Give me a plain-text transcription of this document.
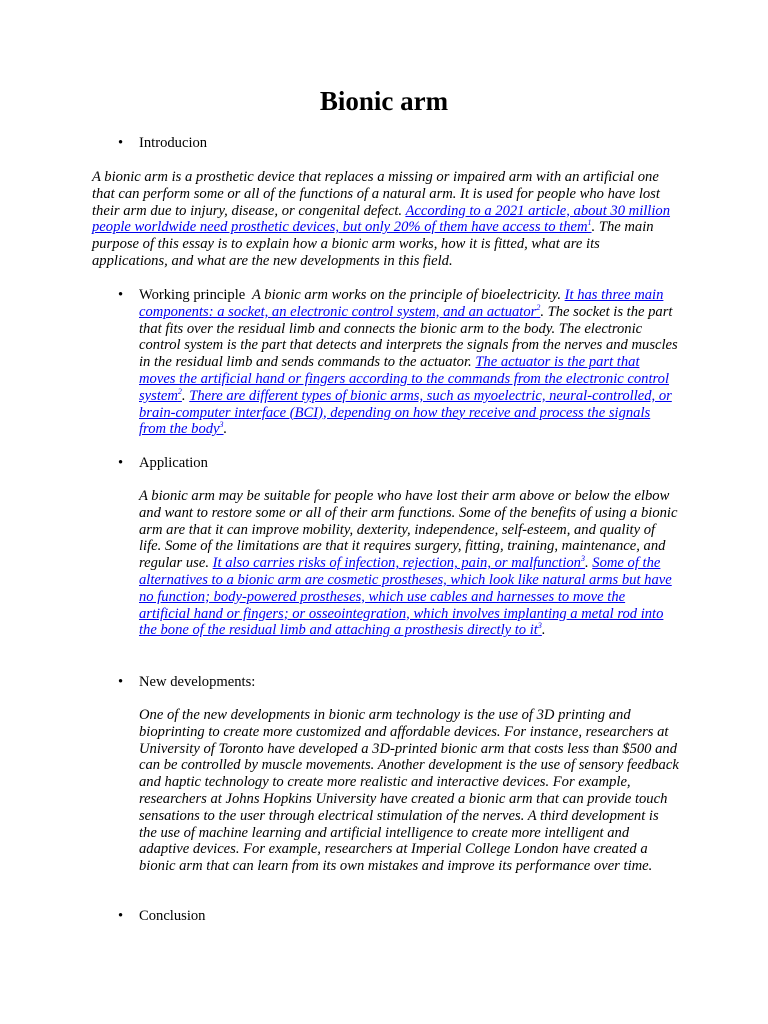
Bionic arm
• Introducion

A bionic arm is a prosthetic device that replaces a missing or impaired arm with an artificial one that can perform some or all of the functions of a natural arm. It is used for people who have lost their arm due to injury, disease, or congenital defect. According to a 2021 article, about 30 million people worldwide need prosthetic devices, but only 20% of them have access to them$^1$. The main purpose of this essay is to explain how a bionic arm works, how it is fitted, what are its applications, and what are the new developments in this field.

• Working principle A bionic arm works on the principle of bioelectricity. It has three main components: a socket, an electronic control system, and an actuator$^2$. The socket is the part that fits over the residual limb and connects the bionic arm to the body. The electronic control system is the part that detects and interprets the signals from the nerves and muscles in the residual limb and sends commands to the actuator. The actuator is the part that moves the artificial hand or fingers according to the commands from the electronic control system$^2$. There are different types of bionic arms, such as myoelectric, neural-controlled, or brain-computer interface (BCI), depending on how they receive and process the signals from the body$^3$.

• Application

A bionic arm may be suitable for people who have lost their arm above or below the elbow and want to restore some or all of their arm functions. Some of the benefits of using a bionic arm are that it can improve mobility, dexterity, independence, self-esteem, and quality of life. Some of the limitations are that it requires surgery, fitting, training, maintenance, and regular use. It also carries risks of infection, rejection, pain, or malfunction$^3$. Some of the alternatives to a bionic arm are cosmetic prostheses, which look like natural arms but have no function; body-powered prostheses, which use cables and harnesses to move the artificial hand or fingers; or osseointegration, which involves implanting a metal rod into the bone of the residual limb and attaching a prosthesis directly to $it^3$.

• New developments:

One of the new developments in bionic arm technology is the use of 3D printing and bioprinting to create more customized and affordable devices. For instance, researchers at University of Toronto have developed a 3D-printed bionic arm that costs less than $500 and can be controlled by muscle movements. Another development is the use of sensory feedback and haptic technology to create more realistic and interactive devices. For example, researchers at Johns Hopkins University have created a bionic arm that can provide touch sensations to the user through electrical stimulation of the nerves. A third development is the use of machine learning and artificial intelligence to create more intelligent and adaptive devices. For example, researchers at Imperial College London have created a bionic arm that can learn from its own mistakes and improve its performance over time.

• Conclusion
